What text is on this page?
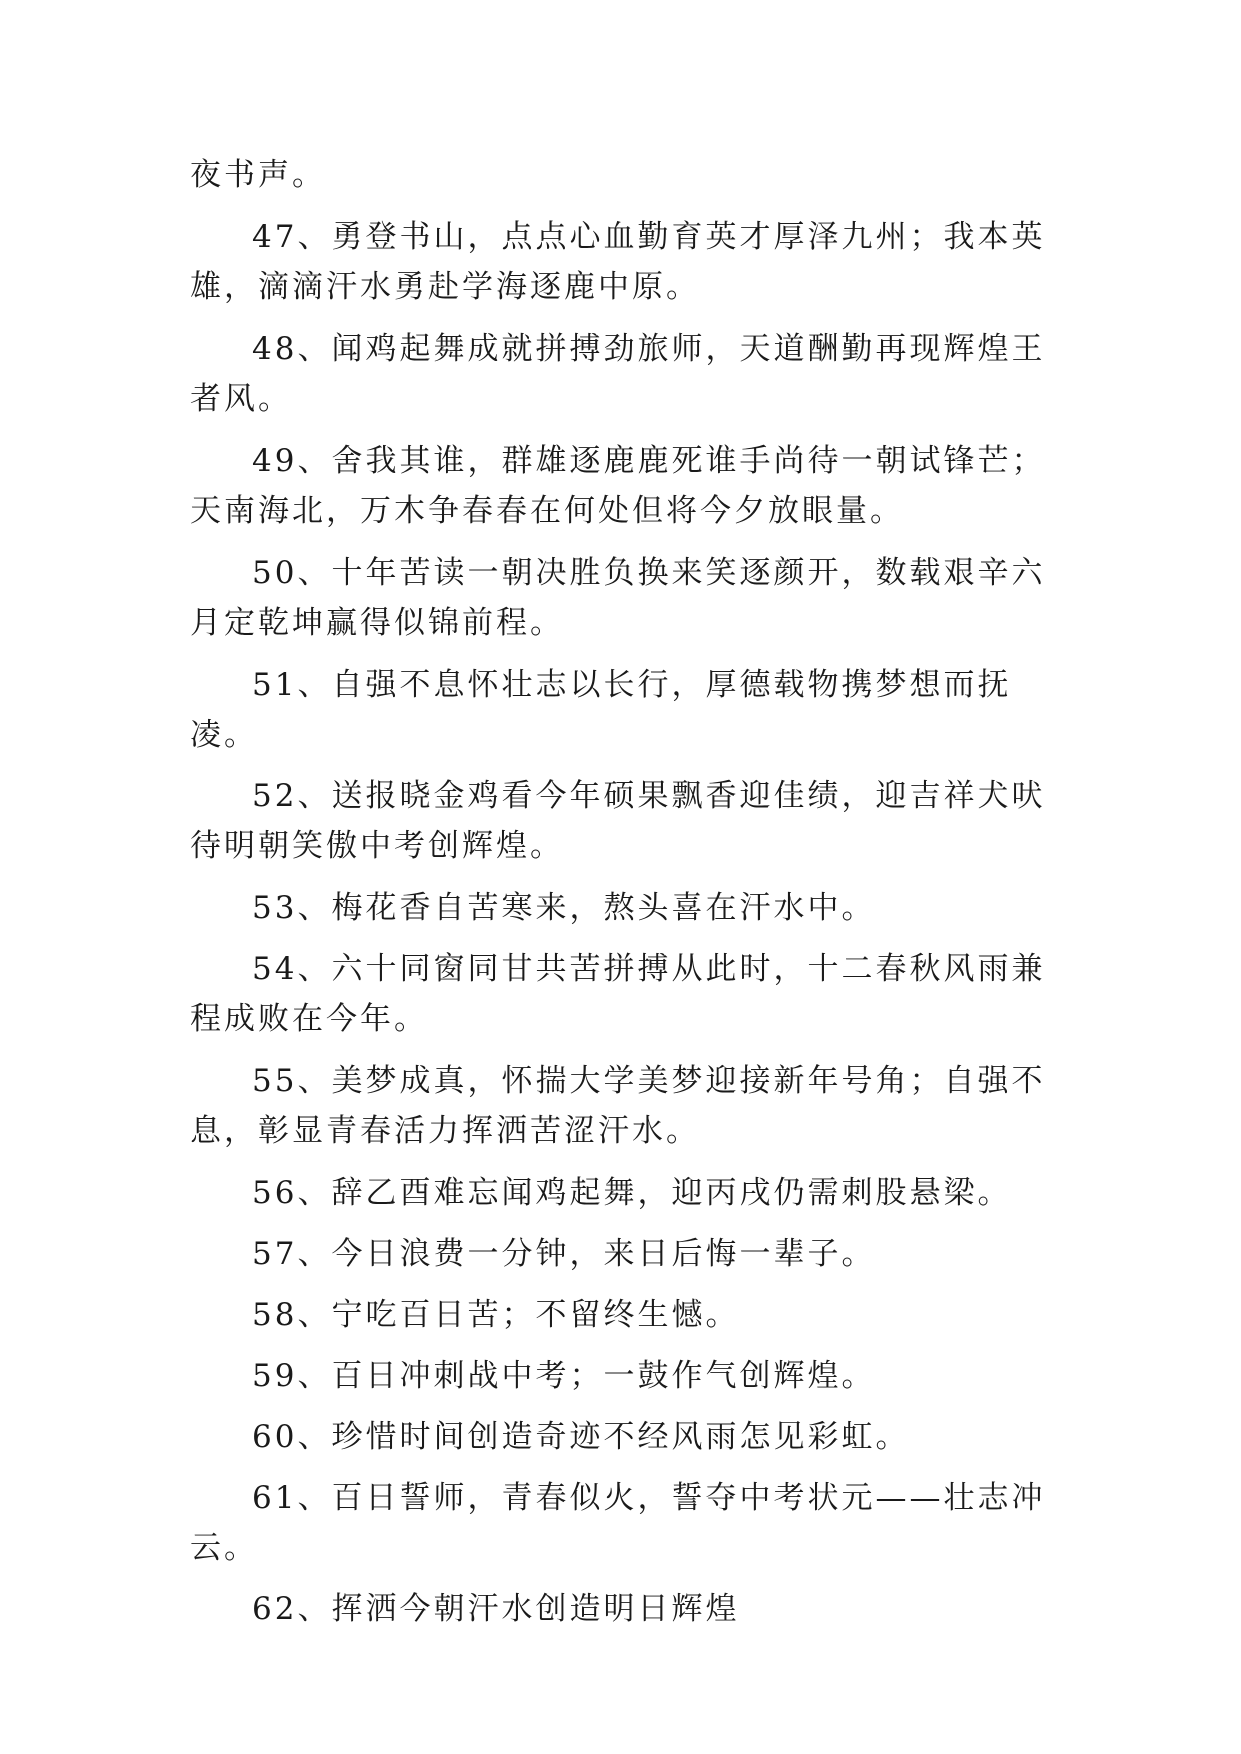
夜书声。

47、勇登书山，点点心血勤育英才厚泽九州；我本英雄，滴滴汗水勇赴学海逐鹿中原。

48、闻鸡起舞成就拼搏劲旅师，天道酬勤再现辉煌王者风。

49、舍我其谁，群雄逐鹿鹿死谁手尚待一朝试锋芒；天南海北，万木争春春在何处但将今夕放眼量。

50、十年苦读一朝决胜负换来笑逐颜开，数载艰辛六月定乾坤赢得似锦前程。

51、自强不息怀壮志以长行，厚德载物携梦想而抚凌。

52、送报晓金鸡看今年硕果飘香迎佳绩，迎吉祥犬吠待明朝笑傲中考创辉煌。

53、梅花香自苦寒来，熬头喜在汗水中。

54、六十同窗同甘共苦拼搏从此时，十二春秋风雨兼程成败在今年。

55、美梦成真，怀揣大学美梦迎接新年号角；自强不息，彰显青春活力挥洒苦涩汗水。

56、辞乙酉难忘闻鸡起舞，迎丙戌仍需刺股悬梁。

57、今日浪费一分钟，来日后悔一辈子。

58、宁吃百日苦；不留终生憾。

59、百日冲刺战中考；一鼓作气创辉煌。

60、珍惜时间创造奇迹不经风雨怎见彩虹。

61、百日誓师，青春似火，誓夺中考状元——壮志冲云。

62、挥洒今朝汗水创造明日辉煌
